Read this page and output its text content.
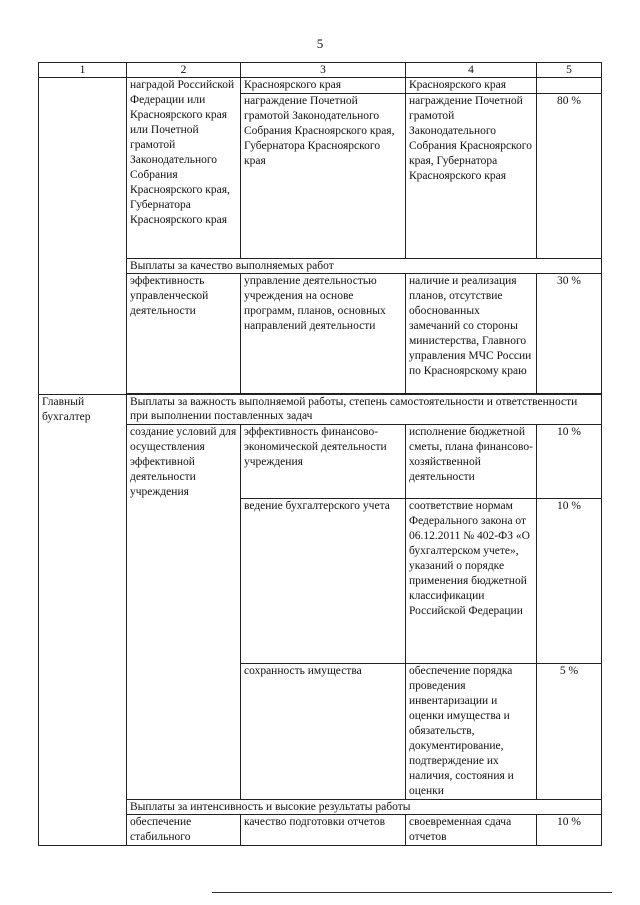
5
1	2	3	4	5
	наградой Российской Федерации или Красноярского края или Почетной грамотой Законодательного Собрания Красноярского края, Губернатора Красноярского края	Красноярского края	Красноярского края	
		награждение Почетной грамотой Законодательного Собрания Красноярского края, Губернатора Красноярского края	награждение Почетной грамотой Законодательного Собрания Красноярского края, Губернатора Красноярского края	80 %
	Выплаты за качество выполняемых работ			
	эффективность управленческой деятельности	управление деятельностью учреждения на основе программ, планов, основных направлений деятельности	наличие и реализация планов, отсутствие обоснованных замечаний со стороны министерства, Главного управления МЧС России по Красноярскому краю	30 %

Главный бухгалтер	Выплаты за важность выполняемой работы, степень самостоятельности и ответственности при выполнении поставленных задач			
	создание условий для осуществления эффективной деятельности учреждения	эффективность финансово-экономической деятельности учреждения	исполнение бюджетной сметы, плана финансово-хозяйственной деятельности	10 %
		ведение бухгалтерского учета	соответствие нормам Федерального закона от 06.12.2011 № 402-ФЗ «О бухгалтерском учете», указаний о порядке применения бюджетной классификации Российской Федерации	10 %
		сохранность имущества	обеспечение порядка проведения инвентаризации и оценки имущества и обязательств, документирование, подтверждение их наличия, состояния и оценки	5 %
	Выплаты за интенсивность и высокие результаты работы			
	обеспечение стабильного	качество подготовки отчетов	своевременная сдача отчетов	10 %
